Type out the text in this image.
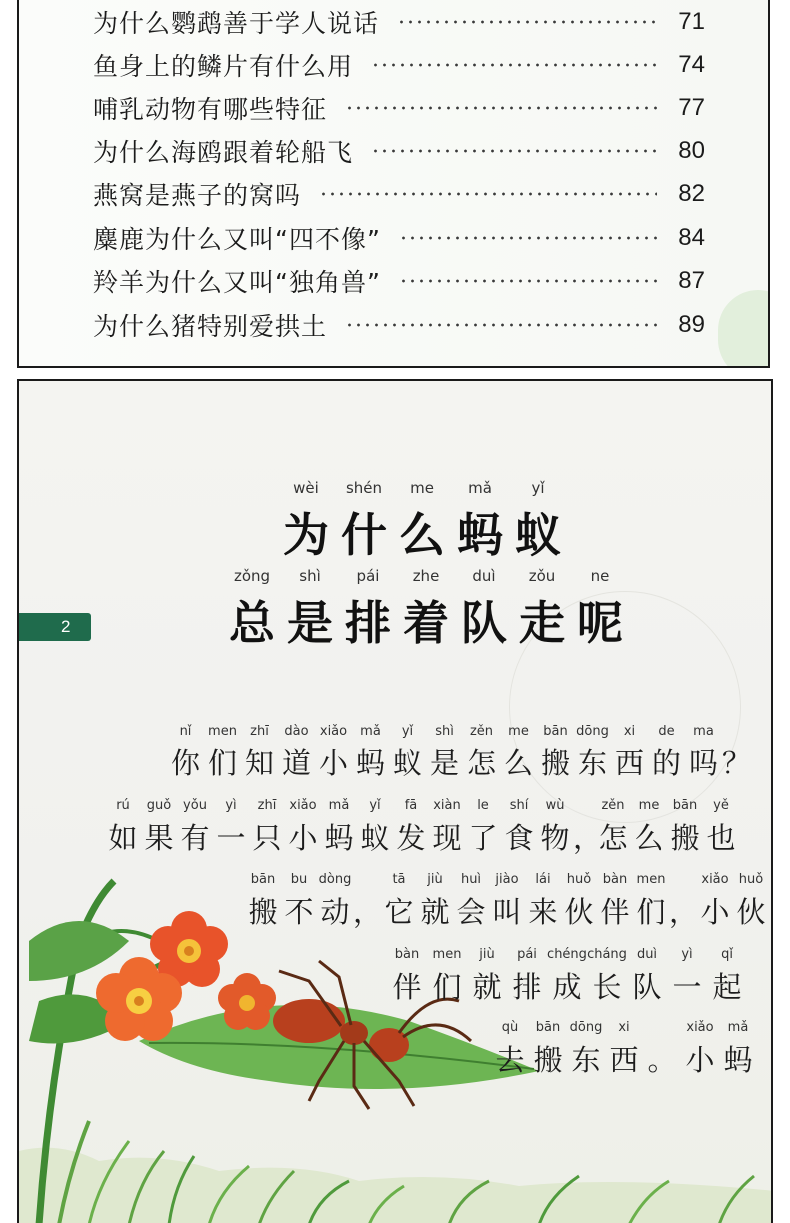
为什么鹦鹉善于学人说话	71
鱼身上的鳞片有什么用	74
哺乳动物有哪些特征	77
为什么海鸥跟着轮船飞	80
燕窝是燕子的窝吗	82
麋鹿为什么又叫“四不像”	84
羚羊为什么又叫“独角兽”	87
为什么猪特别爱拱土	89
2
wèi	shén	me	mǎ	yǐ
为 什 么 蚂 蚁
zǒng	shì	pái	zhe	duì	zǒu	ne
总 是 排 着 队 走 呢
nǐ	men	zhī	dào xiǎo	mǎ	yǐ	shì	zěn	me	bān dōng	xi	de	ma
你 们 知 道 小 蚂 蚁 是 怎 么 搬 东 西 的 吗 ？
rú	guǒ yǒu	yì	zhī	xiǎo mǎ	yǐ	fā	xiàn	le	shí	wù	zěn	me	bān	yě
如 果 有 一 只 小 蚂 蚁 发 现 了 食 物 ，
怎 么 搬 也
bān	bu dòng	tā	jiù	huì	jiào	lái	huǒ bàn men	xiǎo huǒ
搬 不 动 ， 它 就 会 叫 来 伙 伴 们 ， 小 伙
bàn	men	jiù	pái chéng cháng duì	yì	qǐ
伴 们 就 排 成 长 队 一 起
qù	bān dōng	xi	xiǎo	mǎ
去 搬 东 西 。 小 蚂
